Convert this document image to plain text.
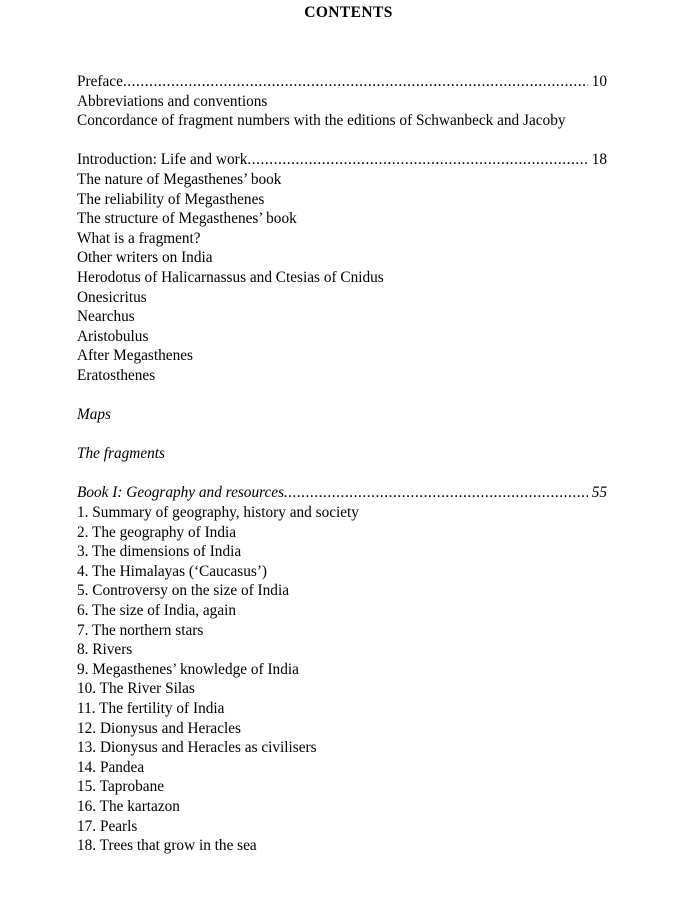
CONTENTS
Preface .....	10
Abbreviations and conventions
Concordance of fragment numbers with the editions of Schwanbeck and Jacoby
Introduction: Life and work .....	18
The nature of Megasthenes’ book
The reliability of Megasthenes
The structure of Megasthenes’ book
What is a fragment?
Other writers on India
Herodotus of Halicarnassus and Ctesias of Cnidus
Onesicritus
Nearchus
Aristobulus
After Megasthenes
Eratosthenes
Maps
The fragments
Book I: Geography and resources .....	55
1. Summary of geography, history and society
2. The geography of India
3. The dimensions of India
4. The Himalayas (‘Caucasus’)
5. Controversy on the size of India
6. The size of India, again
7. The northern stars
8. Rivers
9. Megasthenes’ knowledge of India
10. The River Silas
11. The fertility of India
12. Dionysus and Heracles
13. Dionysus and Heracles as civilisers
14. Pandea
15. Taprobane
16. The kartazon
17. Pearls
18. Trees that grow in the sea
